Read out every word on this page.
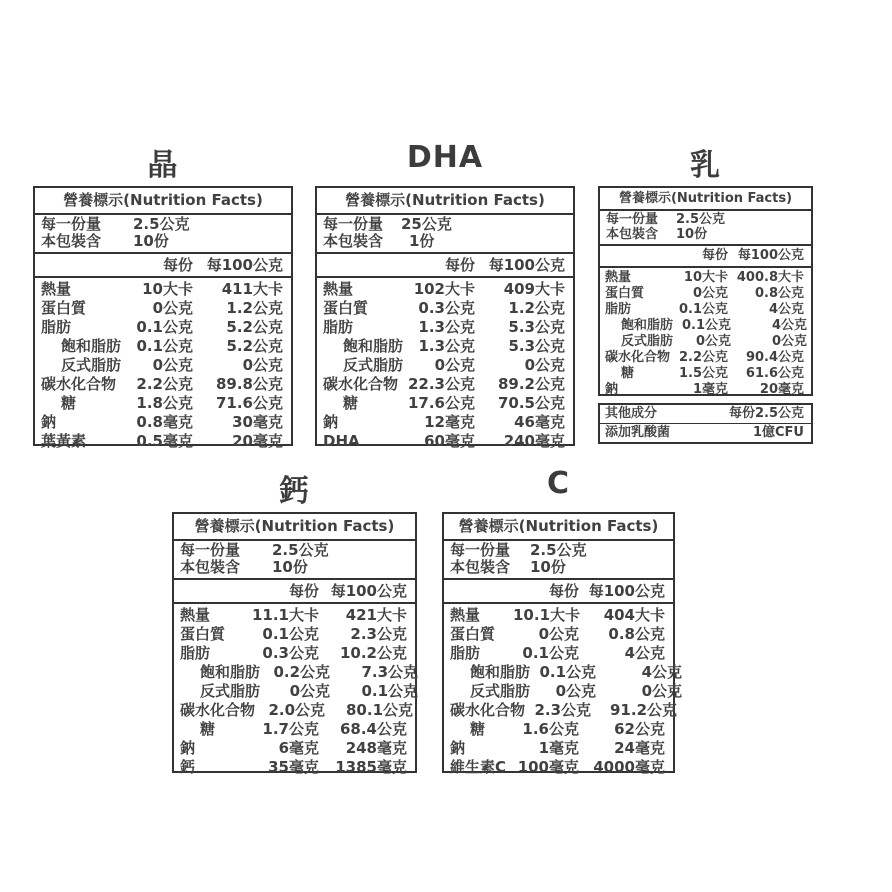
晶	DHA	乳
鈣	C
營養標示(Nutrition Facts)
每一份量	2.5公克
本包裝含	10份
每份 每100公克
熱量	10大卡	411大卡
蛋白質	0公克	1.2公克
脂肪	0.1公克	5.2公克
飽和脂肪	0.1公克	5.2公克
反式脂肪	0公克	0公克
碳水化合物	2.2公克	89.8公克
糖	1.8公克	71.6公克
鈉	0.8毫克	30毫克
葉黃素	0.5毫克	20毫克
營養標示(Nutrition Facts)
每一份量	25公克
本包裝含	1份
每份 每100公克
熱量	102大卡	409大卡
蛋白質	0.3公克	1.2公克
脂肪	1.3公克	5.3公克
飽和脂肪	1.3公克	5.3公克
反式脂肪	0公克	0公克
碳水化合物 22.3公克	89.2公克
糖	17.6公克	70.5公克
鈉	12毫克	46毫克
DHA	60毫克	240毫克
營養標示(Nutrition Facts)
每一份量	2.5公克
本包裝含	10份
每份 每100公克
熱量	10大卡 400.8大卡
蛋白質	0公克	0.8公克
脂肪	0.1公克	4公克
飽和脂肪 0.1公克	4公克
反式脂肪	0公克	0公克
碳水化合物 2.2公克	90.4公克
糖	1.5公克	61.6公克
鈉	1毫克	20毫克
其他成分	每份2.5公克
添加乳酸菌	1億CFU
營養標示(Nutrition Facts)
每一份量	2.5公克
本包裝含	10份
每份 每100公克
熱量	11.1大卡	421大卡
蛋白質	0.1公克	2.3公克
脂肪	0.3公克	10.2公克
飽和脂肪 0.2公克	7.3公克
反式脂肪	0公克	0.1公克
碳水化合物 2.0公克	80.1公克
糖	1.7公克	68.4公克
鈉	6毫克	248毫克
鈣	35毫克	1385毫克
營養標示(Nutrition Facts)
每一份量	2.5公克
本包裝含	10份
每份 每100公克
熱量	10.1大卡	404大卡
蛋白質	0公克	0.8公克
脂肪	0.1公克	4公克
飽和脂肪 0.1公克	4公克
反式脂肪	0公克	0公克
碳水化合物 2.3公克	91.2公克
糖	1.6公克	62公克
鈉	1毫克	24毫克
維生素C 100毫克 4000毫克
